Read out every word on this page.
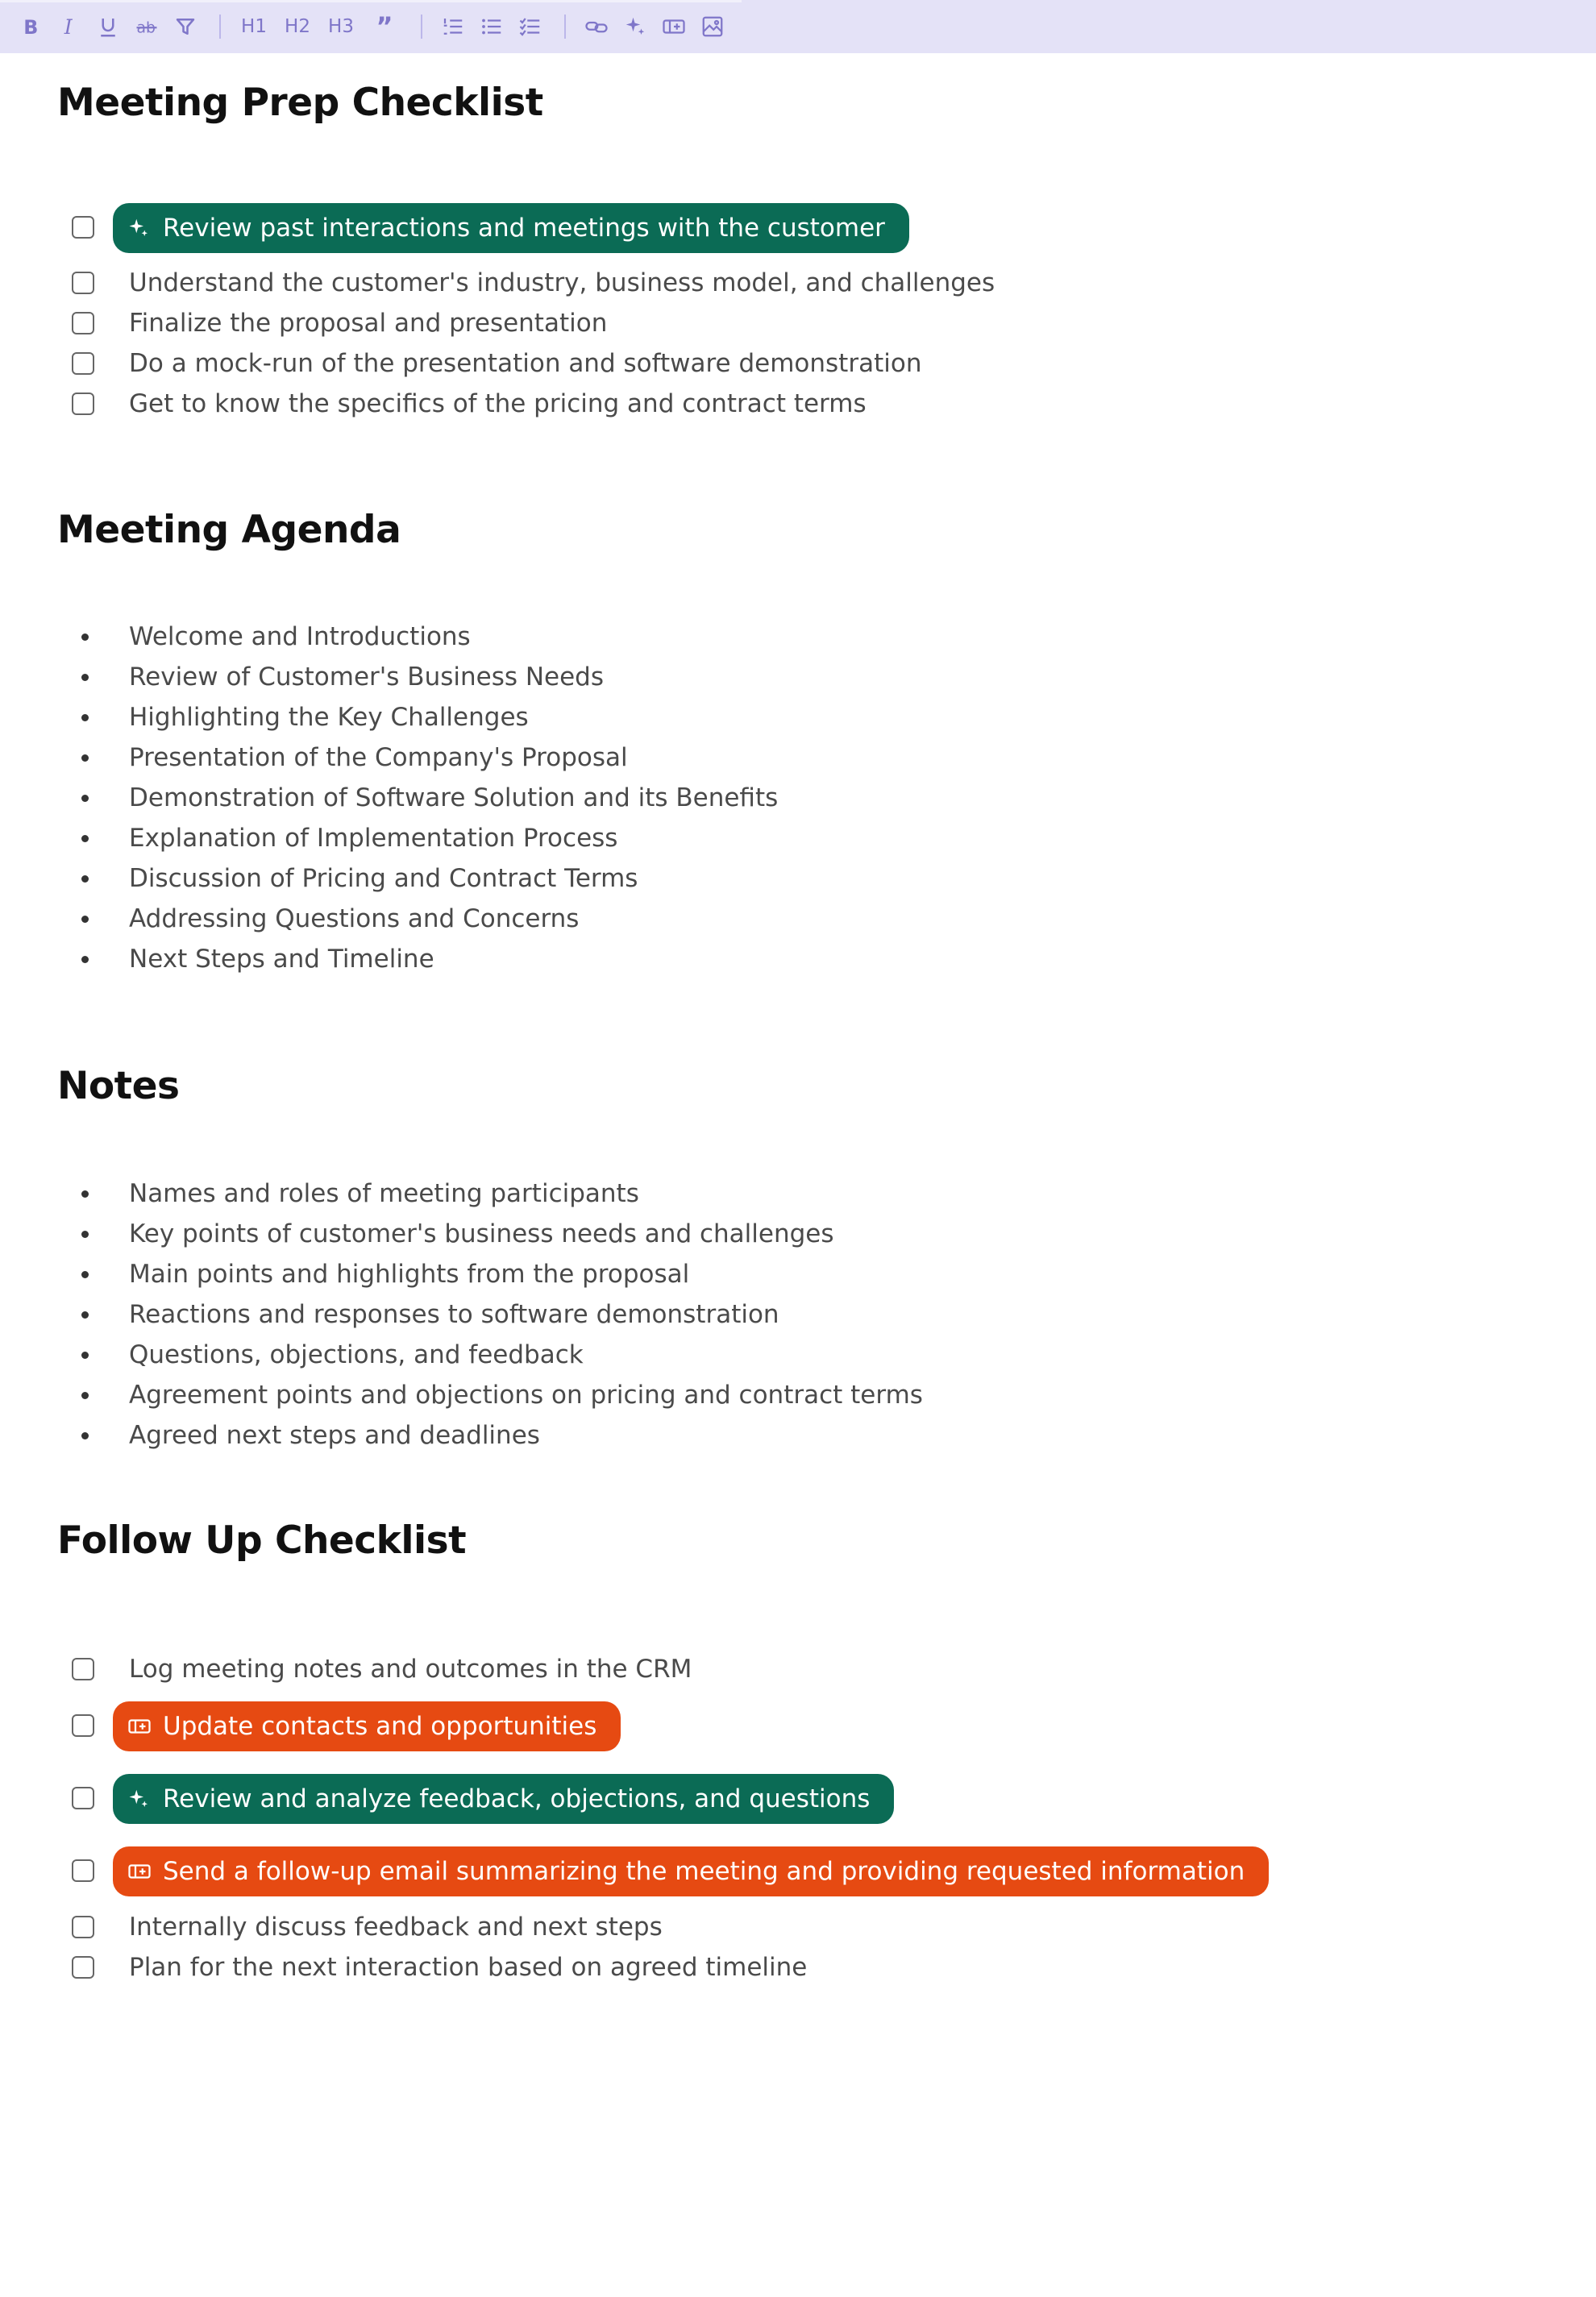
B I	ab	H1 H2 H3 ”
Meeting Prep Checklist
Review past interactions and meetings with the customer
Understand the customer's industry, business model, and challenges
Finalize the proposal and presentation
Do a mock-run of the presentation and software demonstration
Get to know the specifics of the pricing and contract terms
Meeting Agenda
Welcome and Introductions
Review of Customer's Business Needs
Highlighting the Key Challenges
Presentation of the Company's Proposal
Demonstration of Software Solution and its Benefits
Explanation of Implementation Process
Discussion of Pricing and Contract Terms
Addressing Questions and Concerns
Next Steps and Timeline
Notes
Names and roles of meeting participants
Key points of customer's business needs and challenges
Main points and highlights from the proposal
Reactions and responses to software demonstration
Questions, objections, and feedback
Agreement points and objections on pricing and contract terms
Agreed next steps and deadlines
Follow Up Checklist
Log meeting notes and outcomes in the CRM
Update contacts and opportunities
Review and analyze feedback, objections, and questions
Send a follow-up email summarizing the meeting and providing requested information
Internally discuss feedback and next steps
Plan for the next interaction based on agreed timeline
